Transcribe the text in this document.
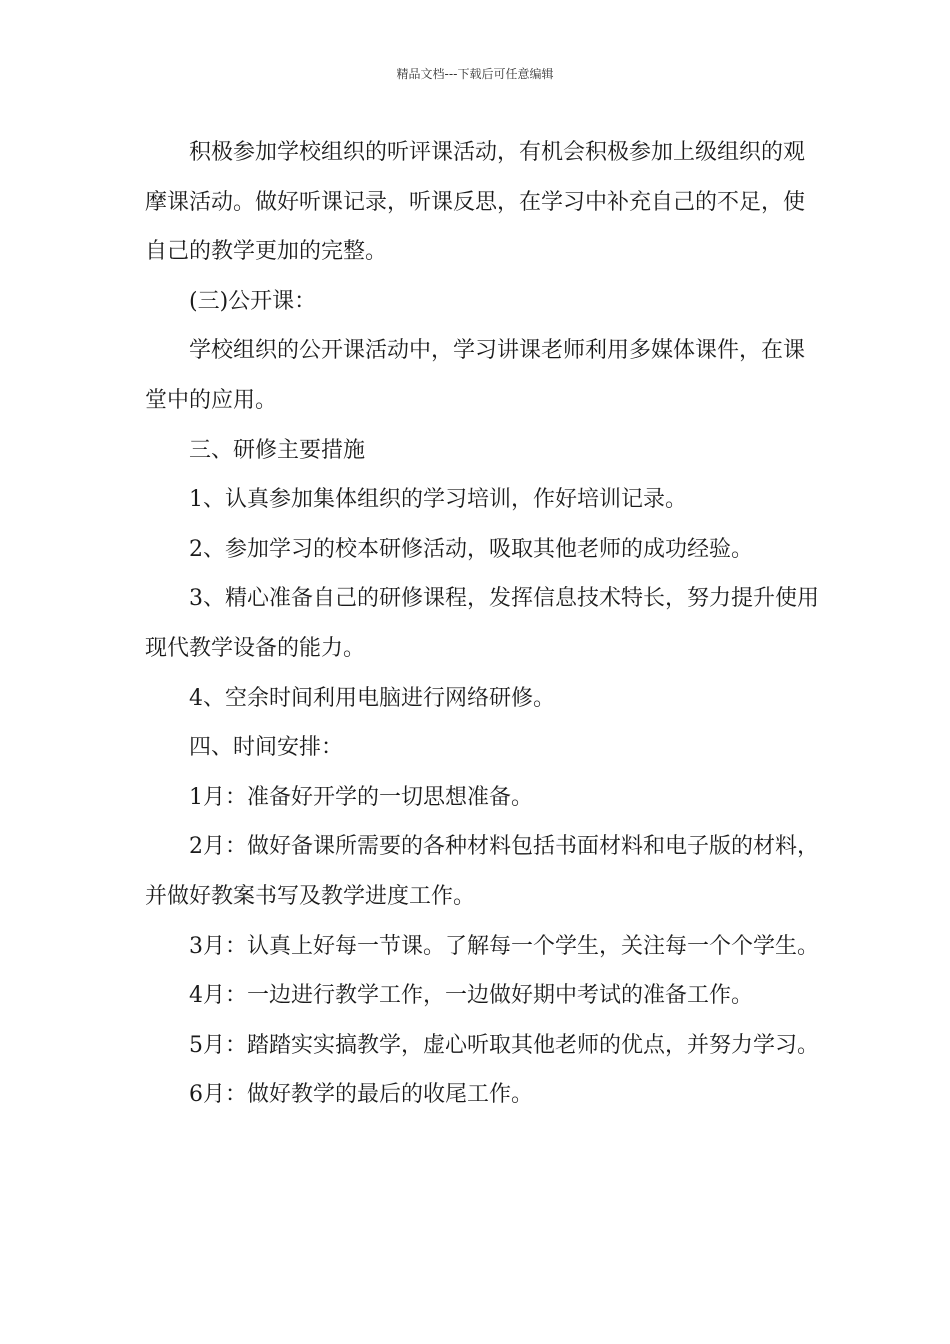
精品文档---下载后可任意编辑

积极参加学校组织的听评课活动，有机会积极参加上级组织的观摩课活动。做好听课记录，听课反思，在学习中补充自己的不足，使自己的教学更加的完整。

(三)公开课：

学校组织的公开课活动中，学习讲课老师利用多媒体课件，在课堂中的应用。

三、研修主要措施

1、认真参加集体组织的学习培训，作好培训记录。

2、参加学习的校本研修活动，吸取其他老师的成功经验。

3、精心准备自己的研修课程，发挥信息技术特长，努力提升使用现代教学设备的能力。

4、空余时间利用电脑进行网络研修。

四、时间安排：

1月：准备好开学的一切思想准备。

2月：做好备课所需要的各种材料包括书面材料和电子版的材料，并做好教案书写及教学进度工作。

3月：认真上好每一节课。了解每一个学生，关注每一个个学生。

4月：一边进行教学工作，一边做好期中考试的准备工作。

5月：踏踏实实搞教学，虚心听取其他老师的优点，并努力学习。

6月：做好教学的最后的收尾工作。
